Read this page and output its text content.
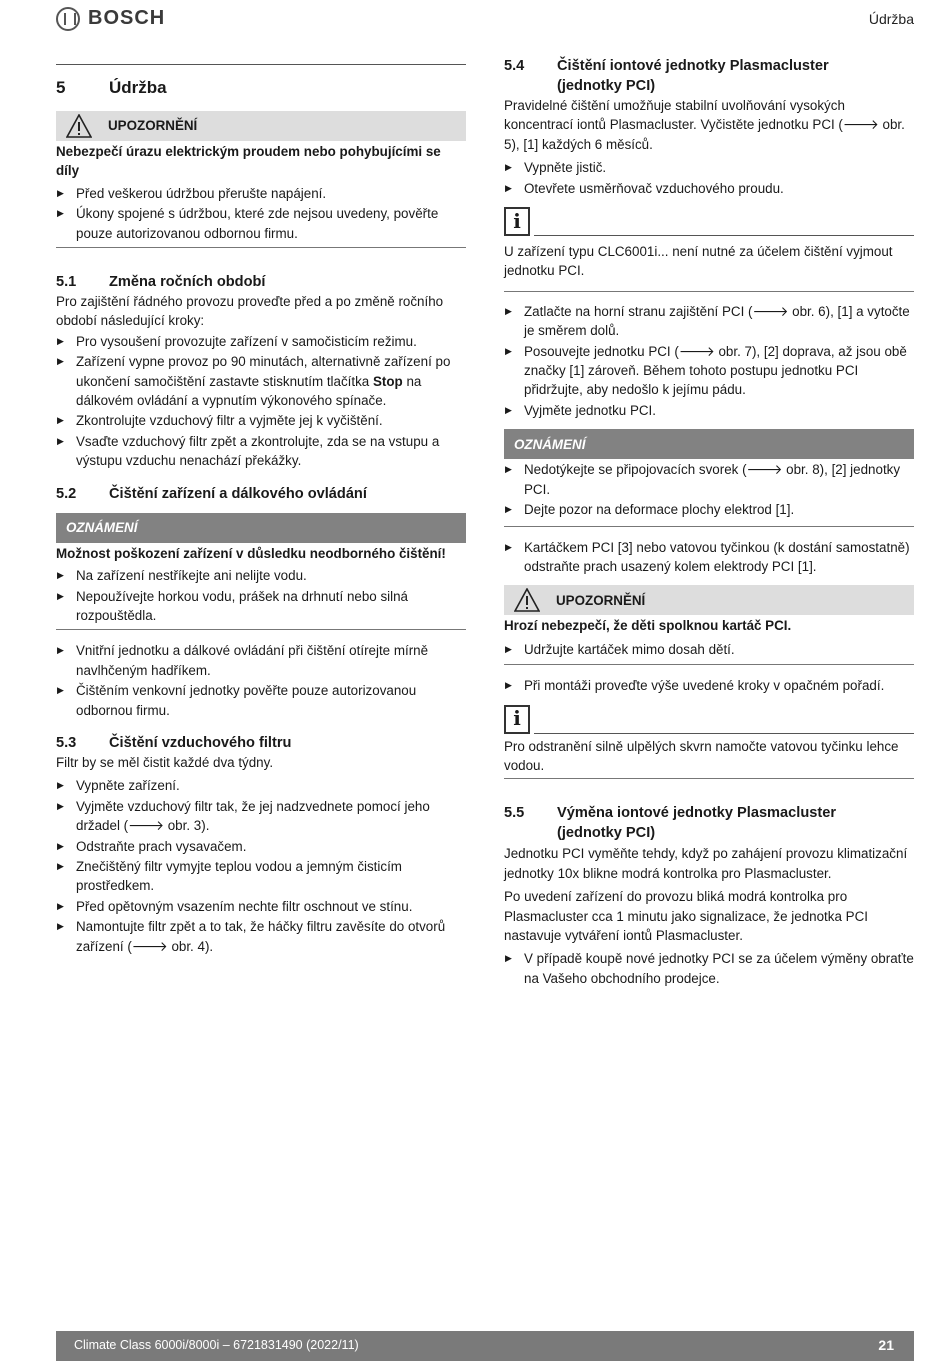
BOSCH	Údržba
5	Údržba
UPOZORNĚNÍ
Nebezpečí úrazu elektrickým proudem nebo pohybujícími se díly
▶ Před veškerou údržbou přerušte napájení.
▶ Úkony spojené s údržbou, které zde nejsou uvedeny, pověřte pouze autorizovanou odbornou firmu.
5.1	Změna ročních období

Pro zajištění řádného provozu proveďte před a po změně ročního období následující kroky:

▶ Pro vysoušení provozujte zařízení v samočisticím režimu.
▶ Zařízení vypne provoz po 90 minutách, alternativně zařízení po ukončení samočištění zastavte stisknutím tlačítka Stop na dálkovém ovládání a vypnutím výkonového spínače.
▶ Zkontrolujte vzduchový filtr a vyjměte jej k vyčištění.
▶ Vsaďte vzduchový filtr zpět a zkontrolujte, zda se na vstupu a výstupu vzduchu nenachází překážky.
5.2	Čištění zařízení a dálkového ovládání
OZNÁMENÍ
Možnost poškození zařízení v důsledku neodborného čištění!
▶ Na zařízení nestříkejte ani nelijte vodu.
▶ Nepoužívejte horkou vodu, prášek na drhnutí nebo silná rozpouštědla.
▶ Vnitřní jednotku a dálkové ovládání při čištění otírejte mírně navlhčeným hadříkem.
▶ Čištěním venkovní jednotky pověřte pouze autorizovanou odbornou firmu.
5.3	Čištění vzduchového filtru

Filtr by se měl čistit každé dva týdny.

▶ Vypněte zařízení.
▶ Vyjměte vzduchový filtr tak, že jej nadzvednete pomocí jeho držadel (🡒 obr. 3).
▶ Odstraňte prach vysavačem.
▶ Znečištěný filtr vymyjte teplou vodou a jemným čisticím prostředkem.
▶ Před opětovným vsazením nechte filtr oschnout ve stínu.
▶ Namontujte filtr zpět a to tak, že háčky filtru zavěsíte do otvorů zařízení (🡒 obr. 4).
5.4	Čištění iontové jednotky Plasmacluster
(jednotky PCI)

Pravidelné čištění umožňuje stabilní uvolňování vysokých koncentrací iontů Plasmacluster. Vyčistěte jednotku PCI (🡒 obr. 5), [1] každých 6 měsíců.

▶ Vypněte jistič.
▶ Otevřete usměrňovač vzduchového proudu.
i

U zařízení typu CLC6001i... není nutné za účelem čištění vyjmout jednotku PCI.

▶ Zatlačte na horní stranu zajištění PCI (🡒 obr. 6), [1] a vytočte je směrem dolů.
▶ Posouvejte jednotku PCI (🡒 obr. 7), [2] doprava, až jsou obě značky [1] zároveň. Během tohoto postupu jednotku PCI přidržujte, aby nedošlo k jejímu pádu.
▶ Vyjměte jednotku PCI.
OZNÁMENÍ
▶ Nedotýkejte se připojovacích svorek (🡒 obr. 8), [2] jednotky PCI.
▶ Dejte pozor na deformace plochy elektrod [1].
▶ Kartáčkem PCI [3] nebo vatovou tyčinkou (k dostání samostatně) odstraňte prach usazený kolem elektrody PCI [1].
UPOZORNĚNÍ
Hrozí nebezpečí, že děti spolknou kartáč PCI.
▶ Udržujte kartáček mimo dosah dětí.
▶ Při montáži proveďte výše uvedené kroky v opačném pořadí.
i

Pro odstranění silně ulpělých skvrn namočte vatovou tyčinku lehce vodou.

5.5	Výměna iontové jednotky Plasmacluster
(jednotky PCI)

Jednotku PCI vyměňte tehdy, když po zahájení provozu klimatizační jednotky 10x blikne modrá kontrolka pro Plasmacluster.

Po uvedení zařízení do provozu bliká modrá kontrolka pro Plasmacluster cca 1 minutu jako signalizace, že jednotka PCI nastavuje vytváření iontů Plasmacluster.

▶ V případě koupě nové jednotky PCI se za účelem výměny obraťte na Vašeho obchodního prodejce.
Climate Class 6000i/8000i – 6721831490 (2022/11)	21
